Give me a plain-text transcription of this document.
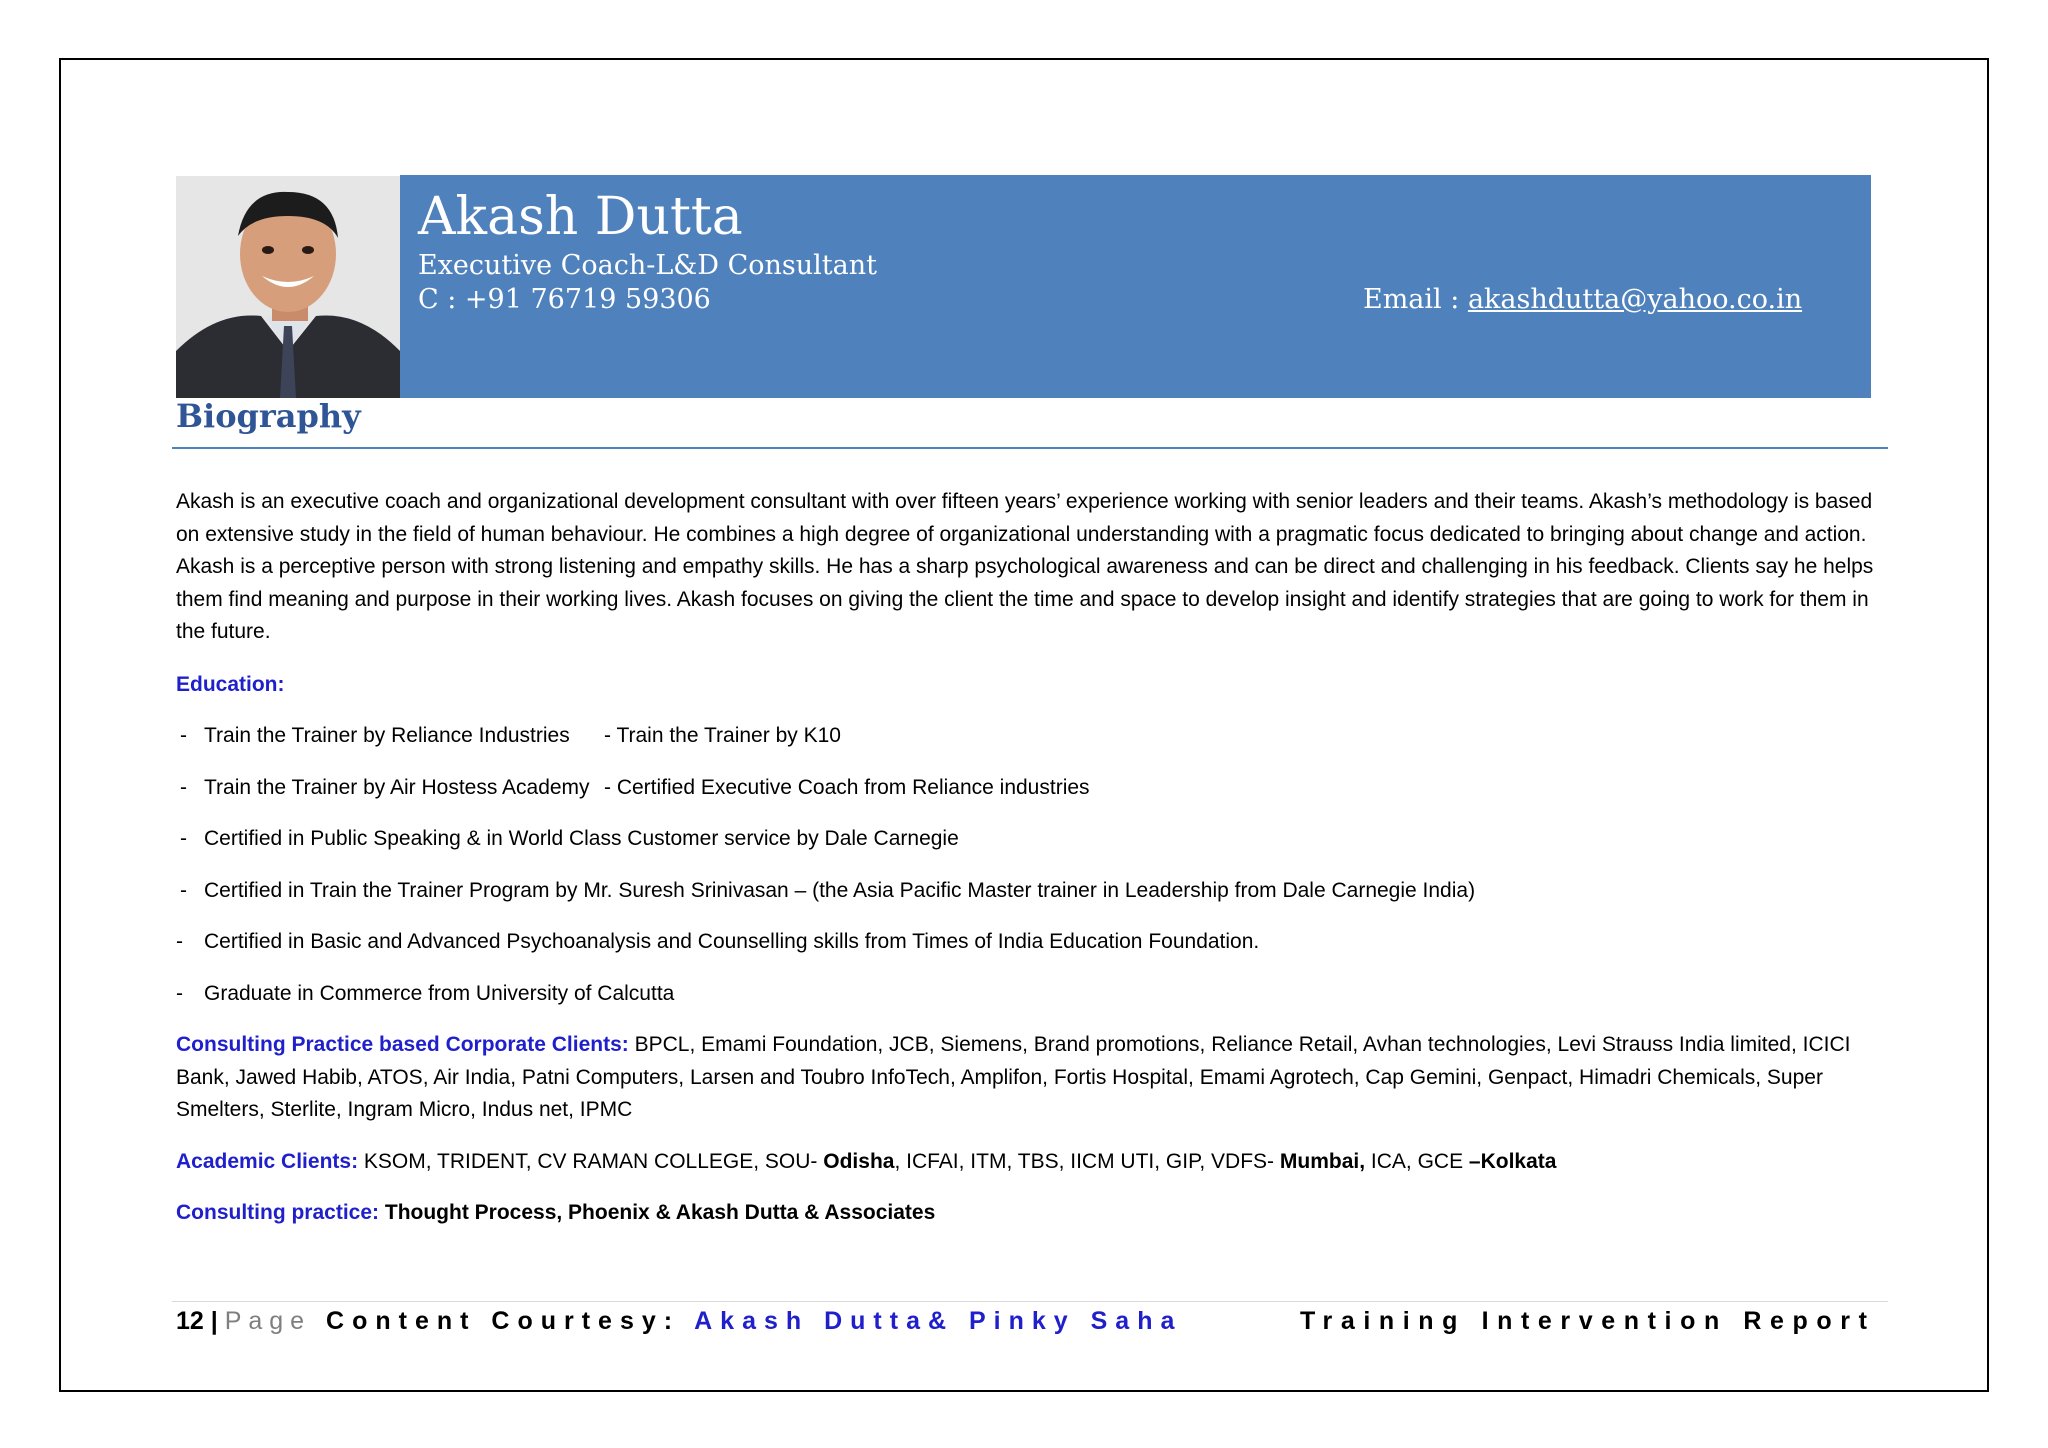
Akash Dutta
Executive Coach-L&D Consultant
C : +91 76719 59306	Email : akashdutta@yahoo.co.in
Biography

Akash is an executive coach and organizational development consultant with over fifteen years’ experience working with senior leaders and their teams. Akash’s methodology is based on extensive study in the field of human behaviour. He combines a high degree of organizational understanding with a pragmatic focus dedicated to bringing about change and action. Akash is a perceptive person with strong listening and empathy skills. He has a sharp psychological awareness and can be direct and challenging in his feedback. Clients say he helps them find meaning and purpose in their working lives. Akash focuses on giving the client the time and space to develop insight and identify strategies that are going to work for them in the future.

Education:

- Train the Trainer by Reliance Industries	- Train the Trainer by K10
- Train the Trainer by Air Hostess Academy - Certified Executive Coach from Reliance industries
- Certified in Public Speaking & in World Class Customer service by Dale Carnegie
- Certified in Train the Trainer Program by Mr. Suresh Srinivasan – (the Asia Pacific Master trainer in Leadership from Dale Carnegie India)
-	Certified in Basic and Advanced Psychoanalysis and Counselling skills from Times of India Education Foundation.
-	Graduate in Commerce from University of Calcutta

Consulting Practice based Corporate Clients: BPCL, Emami Foundation, JCB, Siemens, Brand promotions, Reliance Retail, Avhan technologies, Levi Strauss India limited, ICICI Bank, Jawed Habib, ATOS, Air India, Patni Computers, Larsen and Toubro InfoTech, Amplifon, Fortis Hospital, Emami Agrotech, Cap Gemini, Genpact, Himadri Chemicals, Super Smelters, Sterlite, Ingram Micro, Indus net, IPMC

Academic Clients: KSOM, TRIDENT, CV RAMAN COLLEGE, SOU- Odisha, ICFAI, ITM, TBS, IICM UTI, GIP, VDFS- Mumbai, ICA, GCE –Kolkata

Consulting practice: Thought Process, Phoenix & Akash Dutta & Associates

12 | Page Content Courtesy: Akash Dutta& Pinky Saha	Training Intervention Report
